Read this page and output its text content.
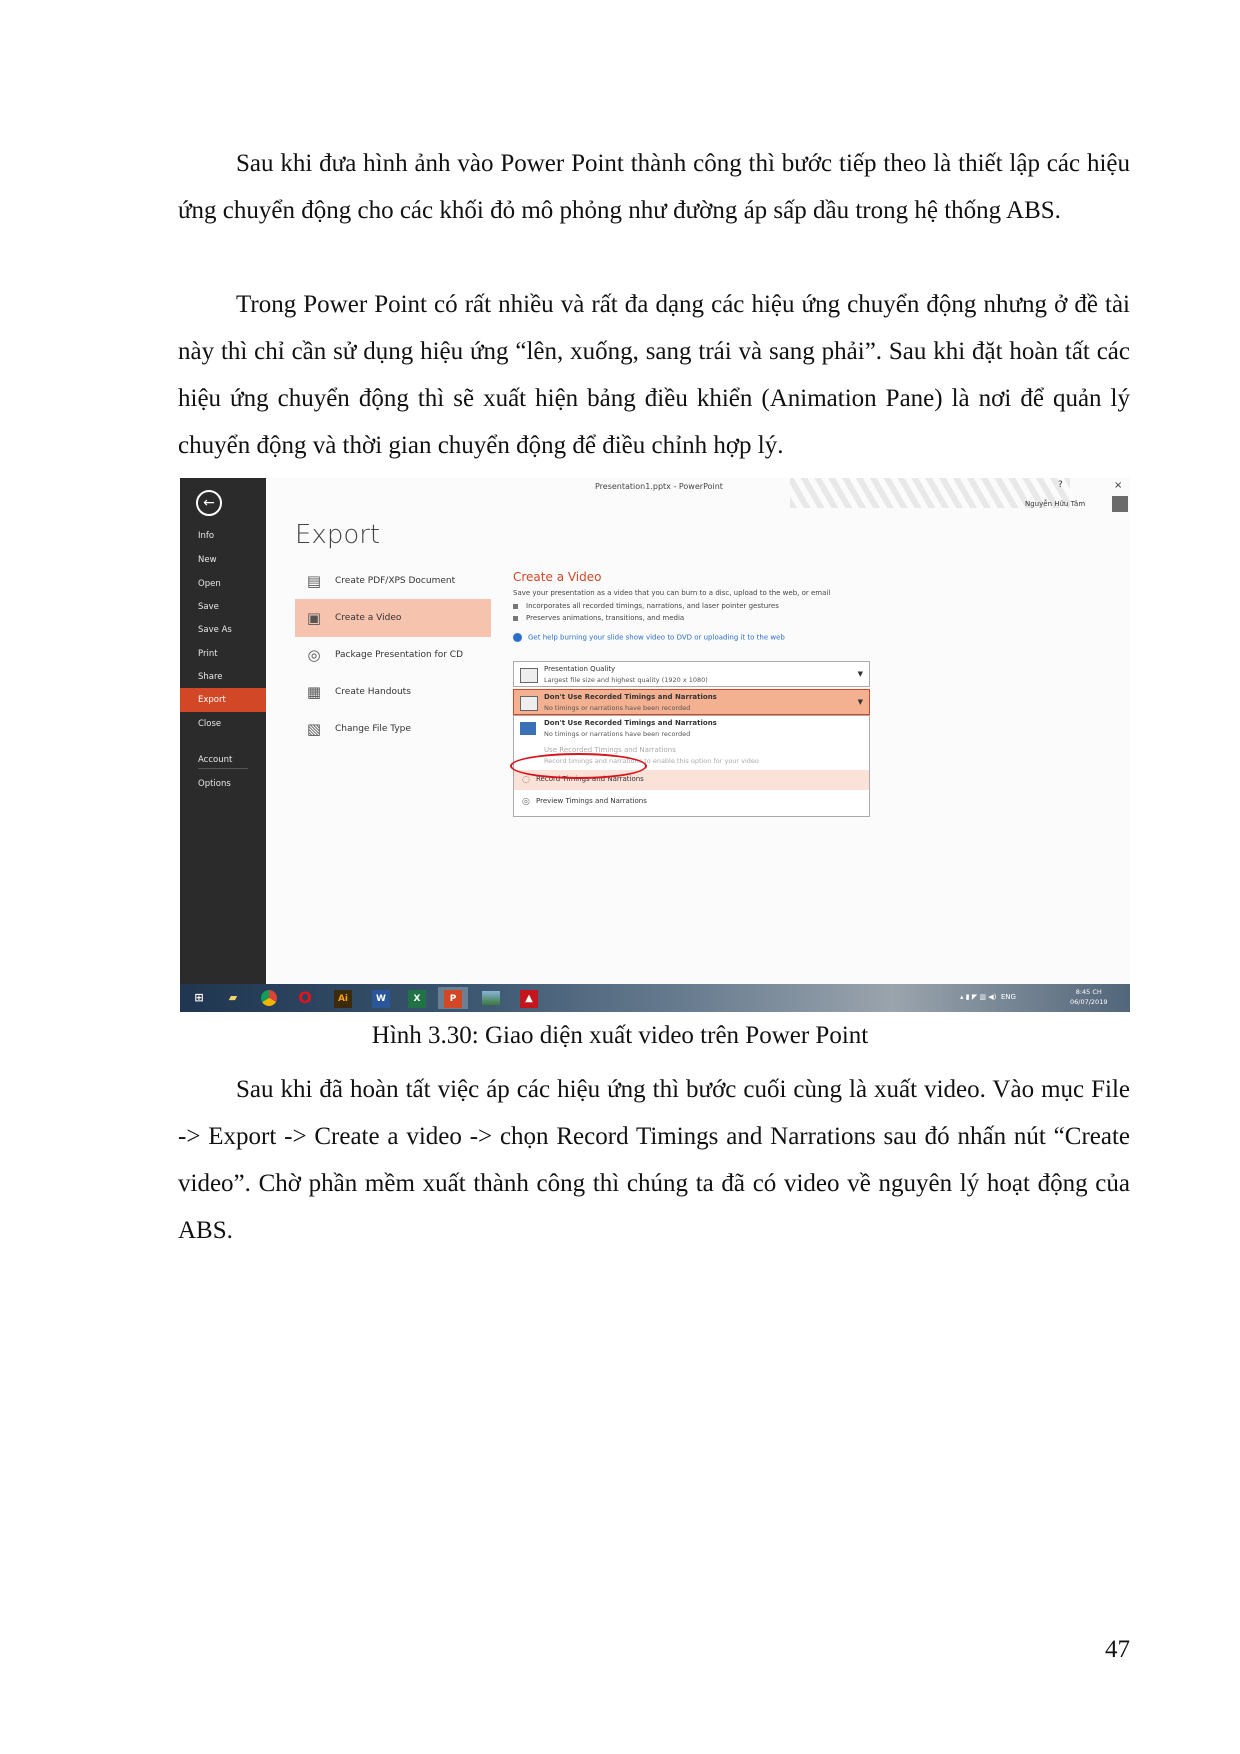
Sau khi đưa hình ảnh vào Power Point thành công thì bước tiếp theo là thiết lập các hiệu ứng chuyển động cho các khối đỏ mô phỏng như đường áp sấp dầu trong hệ thống ABS.

Trong Power Point có rất nhiều và rất đa dạng các hiệu ứng chuyển động nhưng ở đề tài này thì chỉ cần sử dụng hiệu ứng “lên, xuống, sang trái và sang phải”. Sau khi đặt hoàn tất các hiệu ứng chuyển động thì sẽ xuất hiện bảng điều khiển (Animation Pane) là nơi để quản lý chuyển động và thời gian chuyển động để điều chỉnh hợp lý.

←
Info
New
Open
Save
Save As
Print
Share
Export
Close
Account
Options
Presentation1.pptx - PowerPoint	?	×
Nguyễn Hữu Tâm
Export
▤ Create PDF/XPS Document
▣ Create a Video
◎ Package Presentation for CD
▦ Create Handouts
▧ Change File Type
Create a Video
Save your presentation as a video that you can burn to a disc, upload to the web, or email
Incorporates all recorded timings, narrations, and laser pointer gestures
Preserves animations, transitions, and media
Get help burning your slide show video to DVD or uploading it to the web
Presentation Quality
Largest file size and highest quality (1920 x 1080)
▼
Don't Use Recorded Timings and Narrations
No timings or narrations have been recorded
▼
Don't Use Recorded Timings and Narrations
No timings or narrations have been recorded
Use Recorded Timings and Narrations
Record timings and narrations to enable this option for your video
◌ Record Timings and Narrations
◎ Preview Timings and Narrations
⊞	▰	O	Ai	W	X	P	▲	▴ ▮ ◤ ▥ ◀)  ENG
8:45 CH
06/07/2019
Hình 3.30: Giao diện xuất video trên Power Point

Sau khi đã hoàn tất việc áp các hiệu ứng thì bước cuối cùng là xuất video. Vào mục File -> Export -> Create a video -> chọn Record Timings and Narrations sau đó nhấn nút “Create video”. Chờ phần mềm xuất thành công thì chúng ta đã có video về nguyên lý hoạt động của ABS.

47
